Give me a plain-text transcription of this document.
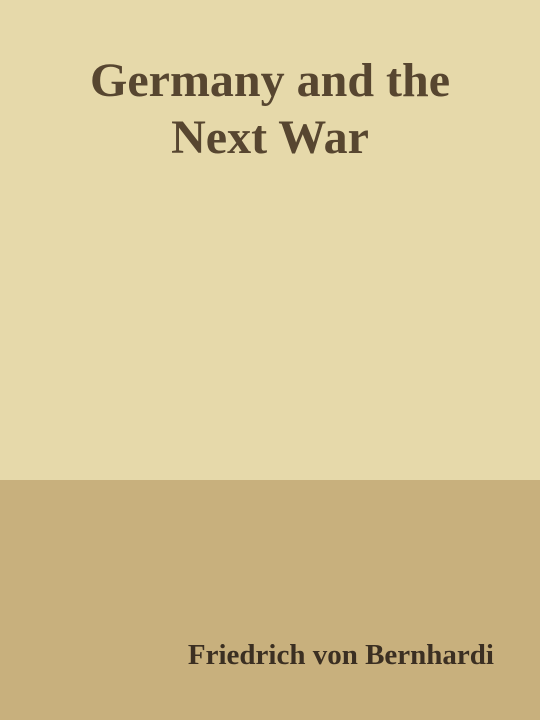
Germany and the
Next War

Friedrich von Bernhardi
